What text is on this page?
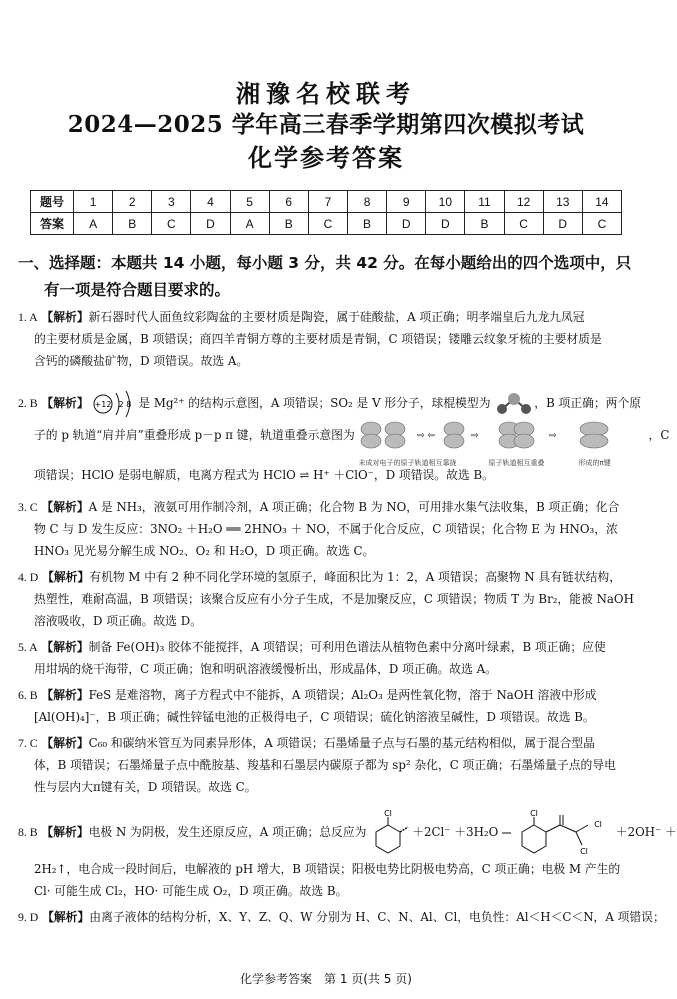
湘豫名校联考
2024—2025 学年高三春季学期第四次模拟考试
化学参考答案
题号	1	2	3	4	5	6	7	8	9	10	11	12	13	14
答案	A	B	C	D	A	B	C	B	D	D	B	C	D	C
一、选择题：本题共 14 小题，每小题 3 分，共 42 分。在每小题给出的四个选项中，只
有一项是符合题目要求的。
1. A 【解析】新石器时代人面鱼纹彩陶盆的主要材质是陶瓷，属于硅酸盐，A 项正确；明孝端皇后九龙九凤冠
的主要材质是金属，B 项错误；商四羊青铜方尊的主要材质是青铜，C 项错误；镂雕云纹象牙梳的主要材质是
含钙的磷酸盐矿物，D 项错误。故选 A。
2. B 【解析】 +12 2 8 是 Mg²⁺ 的结构示意图，A 项错误；SO₂ 是 V 形分子，球棍模型为	，B 项正确；两个原
子的 p 轨道“肩并肩”重叠形成 p－p π 键，轨道重叠示意图为	⇨ ⇦	⇨	⇨
未成对电子的原子轨道相互靠拢	原子轨道相互重叠	形成的π键
，C
项错误；HClO 是弱电解质，电离方程式为 HClO ⇌ H⁺ ＋ClO⁻，D 项错误。故选 B。
3. C 【解析】A 是 NH₃，液氨可用作制冷剂，A 项正确；化合物 B 为 NO，可用排水集气法收集，B 项正确；化合
物 C 与 D 发生反应：3NO₂ ＋H₂O ══ 2HNO₃ ＋ NO，不属于化合反应，C 项错误；化合物 E 为 HNO₃，浓
HNO₃ 见光易分解生成 NO₂、O₂ 和 H₂O，D 项正确。故选 C。
4. D 【解析】有机物 M 中有 2 种不同化学环境的氢原子，峰面积比为 1：2，A 项错误；高聚物 N 具有链状结构，
热塑性，难耐高温，B 项错误；该聚合反应有小分子生成，不是加聚反应，C 项错误；物质 T 为 Br₂，能被 NaOH
溶液吸收，D 项正确。故选 D。
5. A 【解析】制备 Fe(OH)₃ 胶体不能搅拌，A 项错误；可利用色谱法从植物色素中分离叶绿素，B 项正确；应使
用坩埚的烧干海带，C 项正确；饱和明矾溶液缓慢析出，形成晶体，D 项正确。故选 A。
6. B 【解析】FeS 是难溶物，离子方程式中不能拆，A 项错误；Al₂O₃ 是两性氧化物，溶于 NaOH 溶液中形成
[Al(OH)₄]⁻，B 项正确；碱性锌锰电池的正极得电子，C 项错误；硫化钠溶液呈碱性，D 项错误。故选 B。
7. C 【解析】C₆₀ 和碳纳米管互为同素异形体，A 项错误；石墨烯量子点与石墨的基元结构相似，属于混合型晶
体，B 项错误；石墨烯量子点中酰胺基、羧基和石墨层内碳原子都为 sp² 杂化，C 项正确；石墨烯量子点的导电
性与层内大π键有关，D 项错误。故选 C。
8. B 【解析】电极 N 为阴极，发生还原反应，A 项正确；总反应为
Cl
＋2Cl⁻ ＋3H₂O
Cl
Cl
Cl
＋2OH⁻ ＋
2H₂↑，电合成一段时间后，电解液的 pH 增大，B 项错误；阳极电势比阴极电势高，C 项正确；电极 M 产生的
Cl· 可能生成 Cl₂，HO· 可能生成 O₂，D 项正确。故选 B。
9. D 【解析】由离子液体的结构分析，X、Y、Z、Q、W 分别为 H、C、N、Al、Cl，电负性：Al＜H＜C＜N，A 项错误；
化学参考答案　第 1 页(共 5 页)
